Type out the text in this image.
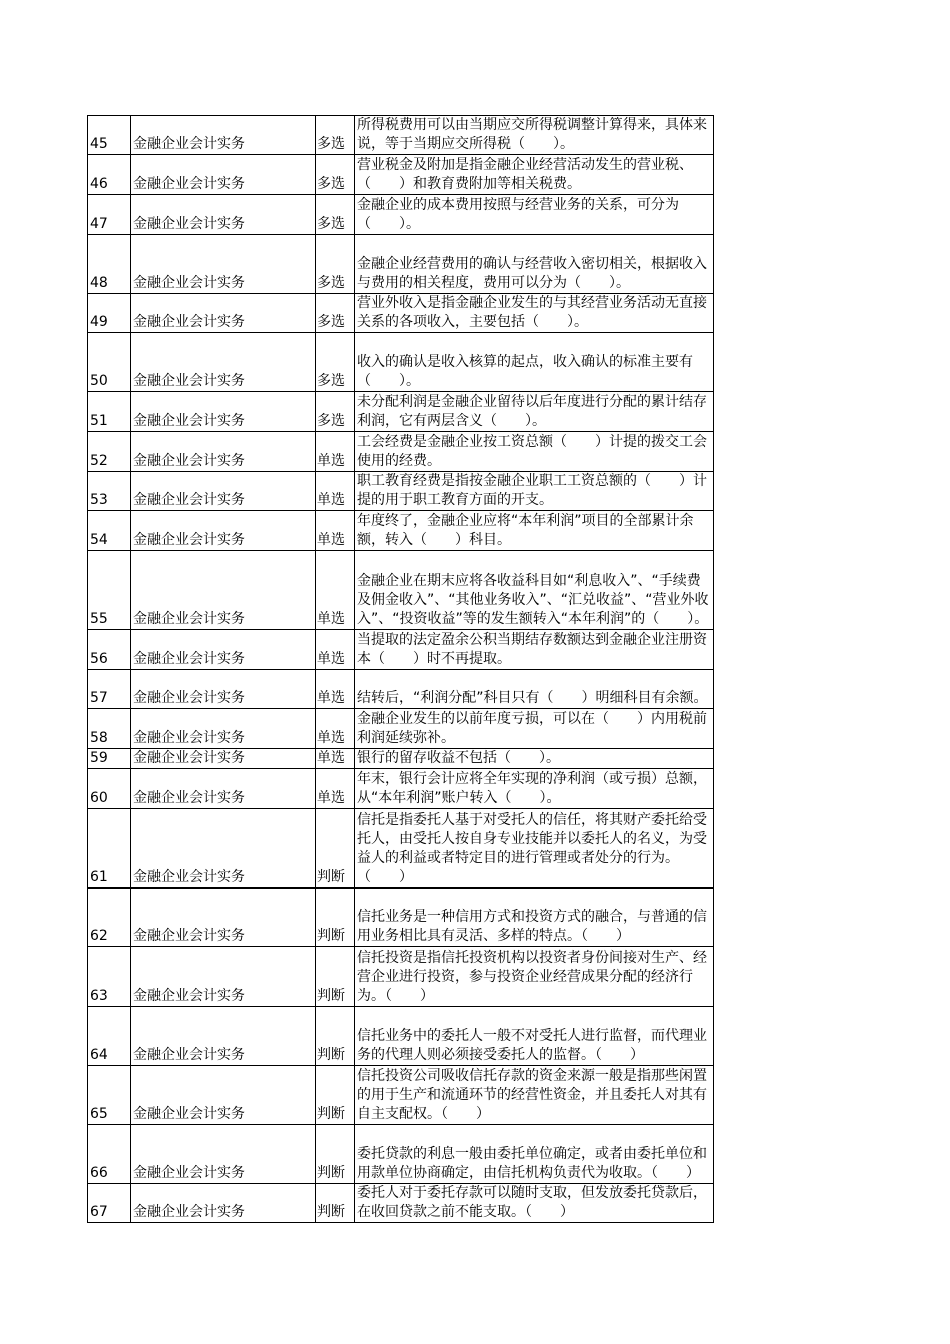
45	金融企业会计实务	多选	所得税费用可以由当期应交所得税调整计算得来，具体来说，等于当期应交所得税（　　）。
46	金融企业会计实务	多选	营业税金及附加是指金融企业经营活动发生的营业税、（　　）和教育费附加等相关税费。
47	金融企业会计实务	多选	金融企业的成本费用按照与经营业务的关系，可分为（　　）。
48	金融企业会计实务	多选	金融企业经营费用的确认与经营收入密切相关，根据收入与费用的相关程度，费用可以分为（　　）。
49	金融企业会计实务	多选	营业外收入是指金融企业发生的与其经营业务活动无直接关系的各项收入，主要包括（　　）。
50	金融企业会计实务	多选	收入的确认是收入核算的起点，收入确认的标准主要有（　　）。
51	金融企业会计实务	多选	未分配利润是金融企业留待以后年度进行分配的累计结存利润，它有两层含义（　　）。
52	金融企业会计实务	单选	工会经费是金融企业按工资总额（　　）计提的拨交工会使用的经费。
53	金融企业会计实务	单选	职工教育经费是指按金融企业职工工资总额的（　　）计提的用于职工教育方面的开支。
54	金融企业会计实务	单选	年度终了，金融企业应将“本年利润”项目的全部累计余额，转入（　　）科目。
55	金融企业会计实务	单选	金融企业在期末应将各收益科目如“利息收入”、“手续费及佣金收入”、“其他业务收入”、“汇兑收益”、“营业外收入”、“投资收益”等的发生额转入“本年利润”的（　　）。
56	金融企业会计实务	单选	当提取的法定盈余公积当期结存数额达到金融企业注册资本（　　）时不再提取。
57	金融企业会计实务	单选	结转后，“利润分配”科目只有（　　）明细科目有余额。
58	金融企业会计实务	单选	金融企业发生的以前年度亏损，可以在（　　）内用税前利润延续弥补。
59	金融企业会计实务	单选	银行的留存收益不包括（　　）。
60	金融企业会计实务	单选	年末，银行会计应将全年实现的净利润（或亏损）总额，从“本年利润”账户转入（　　）。
61	金融企业会计实务	判断	信托是指委托人基于对受托人的信任，将其财产委托给受托人，由受托人按自身专业技能并以委托人的名义，为受益人的利益或者特定目的进行管理或者处分的行为。（　　）
62	金融企业会计实务	判断	信托业务是一种信用方式和投资方式的融合，与普通的信用业务相比具有灵活、多样的特点。（　　）
63	金融企业会计实务	判断	信托投资是指信托投资机构以投资者身份间接对生产、经营企业进行投资，参与投资企业经营成果分配的经济行为。（　　）
64	金融企业会计实务	判断	信托业务中的委托人一般不对受托人进行监督，而代理业务的代理人则必须接受委托人的监督。（　　）
65	金融企业会计实务	判断	信托投资公司吸收信托存款的资金来源一般是指那些闲置的用于生产和流通环节的经营性资金，并且委托人对其有自主支配权。（　　）
66	金融企业会计实务	判断	委托贷款的利息一般由委托单位确定，或者由委托单位和用款单位协商确定，由信托机构负责代为收取。（　　）
67	金融企业会计实务	判断	委托人对于委托存款可以随时支取，但发放委托贷款后，在收回贷款之前不能支取。（　　）
